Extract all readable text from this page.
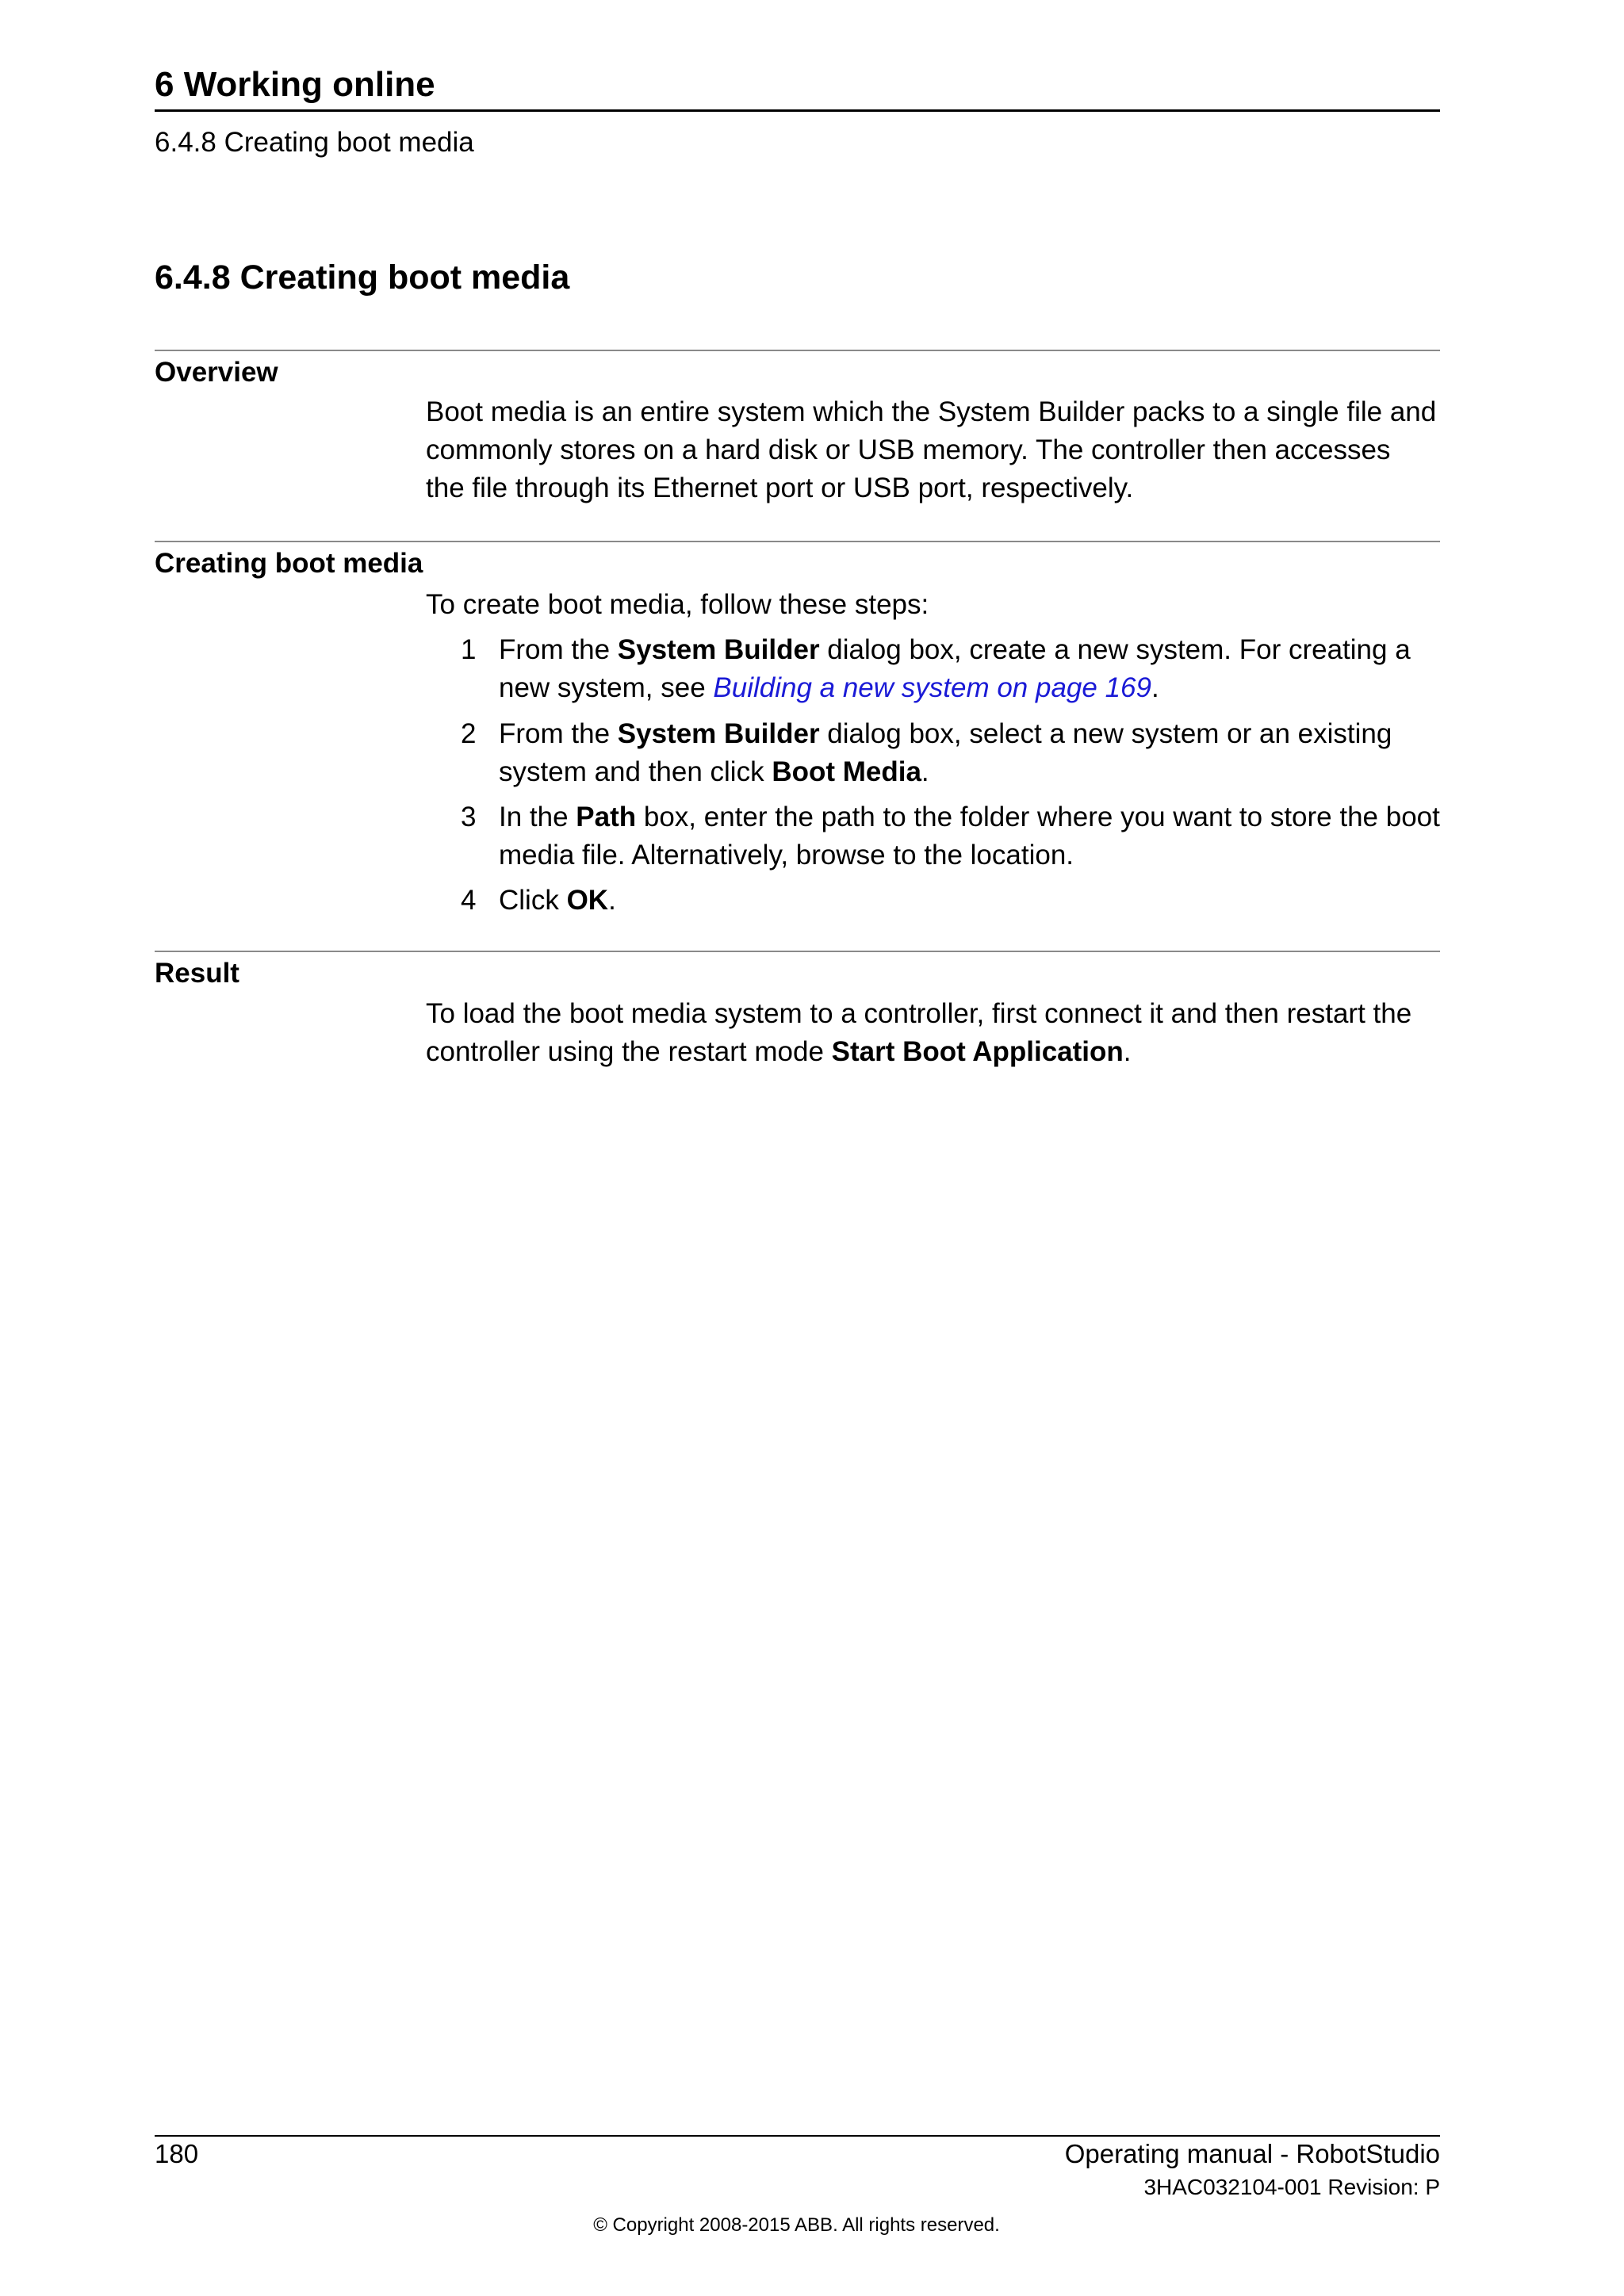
6 Working online
6.4.8 Creating boot media
6.4.8 Creating boot media
Overview
Boot media is an entire system which the System Builder packs to a single file and
commonly stores on a hard disk or USB memory. The controller then accesses
the file through its Ethernet port or USB port, respectively.
Creating boot media
To create boot media, follow these steps:
1 From the System Builder dialog box, create a new system. For creating a
new system, see Building a new system on page 169.
2 From the System Builder dialog box, select a new system or an existing
system and then click Boot Media.
3 In the Path box, enter the path to the folder where you want to store the boot
media file. Alternatively, browse to the location.
4 Click OK.
Result
To load the boot media system to a controller, first connect it and then restart the
controller using the restart mode Start Boot Application.
180	Operating manual - RobotStudio
3HAC032104-001 Revision: P
© Copyright 2008-2015 ABB. All rights reserved.
